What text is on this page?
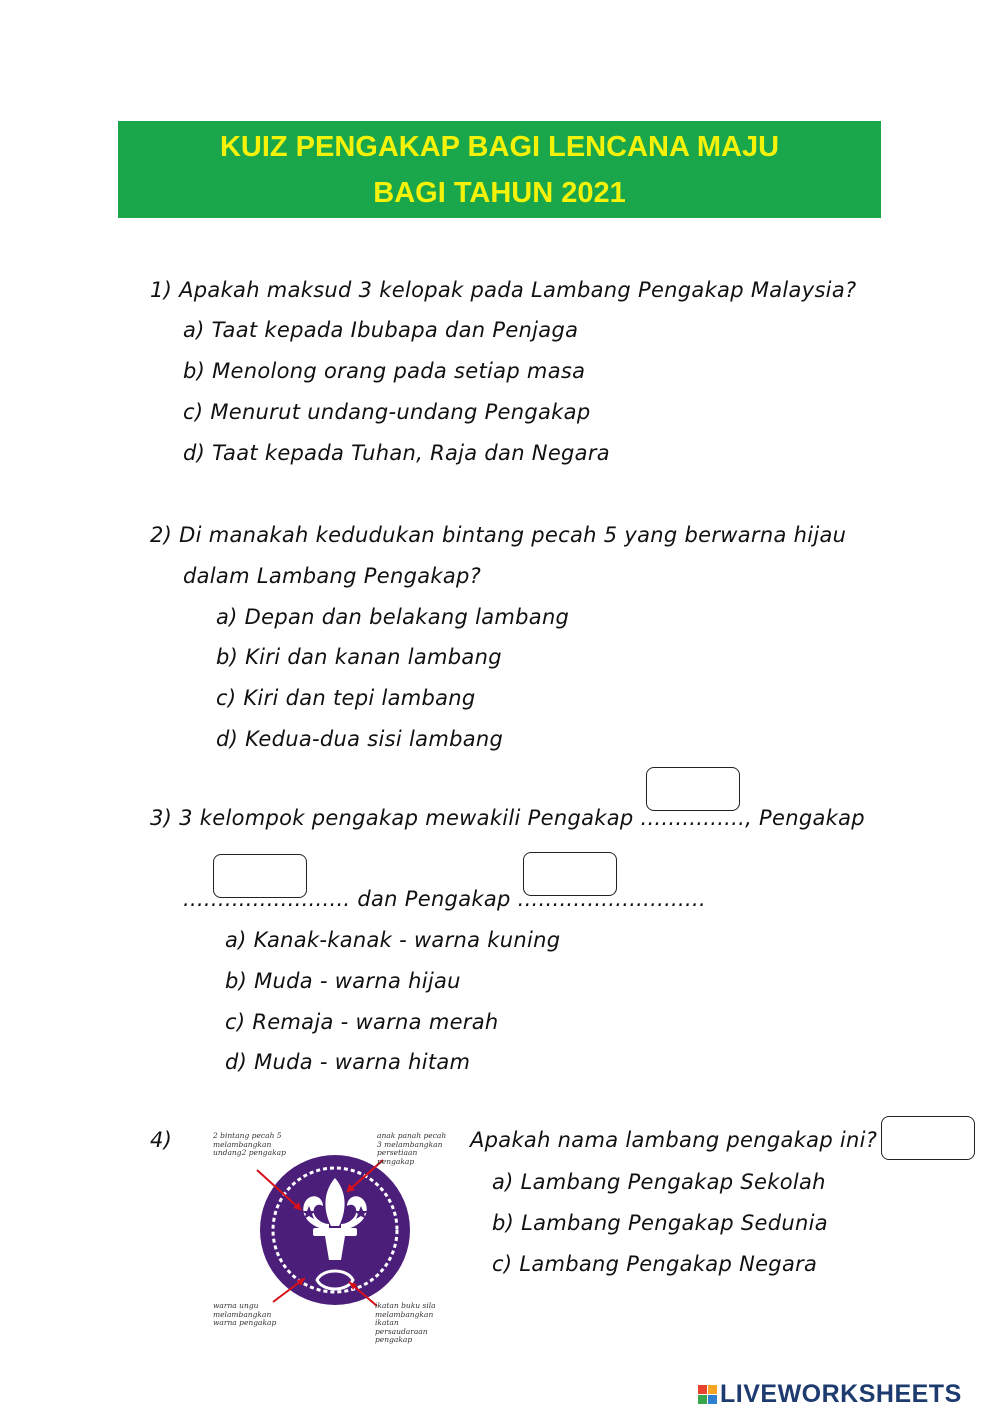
KUIZ PENGAKAP BAGI LENCANA MAJU
BAGI TAHUN 2021
1) Apakah maksud 3 kelopak pada Lambang Pengakap Malaysia?
a) Taat kepada Ibubapa dan Penjaga
b) Menolong orang pada setiap masa
c) Menurut undang-undang Pengakap
d) Taat kepada Tuhan, Raja dan Negara
2) Di manakah kedudukan bintang pecah 5 yang berwarna hijau
dalam Lambang Pengakap?
a) Depan dan belakang lambang
b) Kiri dan kanan lambang
c) Kiri dan tepi lambang
d) Kedua-dua sisi lambang
3) 3 kelompok pengakap mewakili Pengakap ..............., Pengakap
........................ dan Pengakap ...........................
a) Kanak-kanak - warna kuning
b) Muda - warna hijau
c) Remaja - warna merah
d) Muda - warna hitam
4)	Apakah nama lambang pengakap ini?
a) Lambang Pengakap Sekolah
b) Lambang Pengakap Sedunia
c) Lambang Pengakap Negara
2 bintang pecah 5
melambangkan
undang2 pengakap
anak panah pecah
3 melambangkan
persetiaan
pengakap
warna ungu
melambangkan
warna pengakap
ikatan buku sila
melambangkan
ikatan
persaudaraan
pengakap
LIVEWORKSHEETS
